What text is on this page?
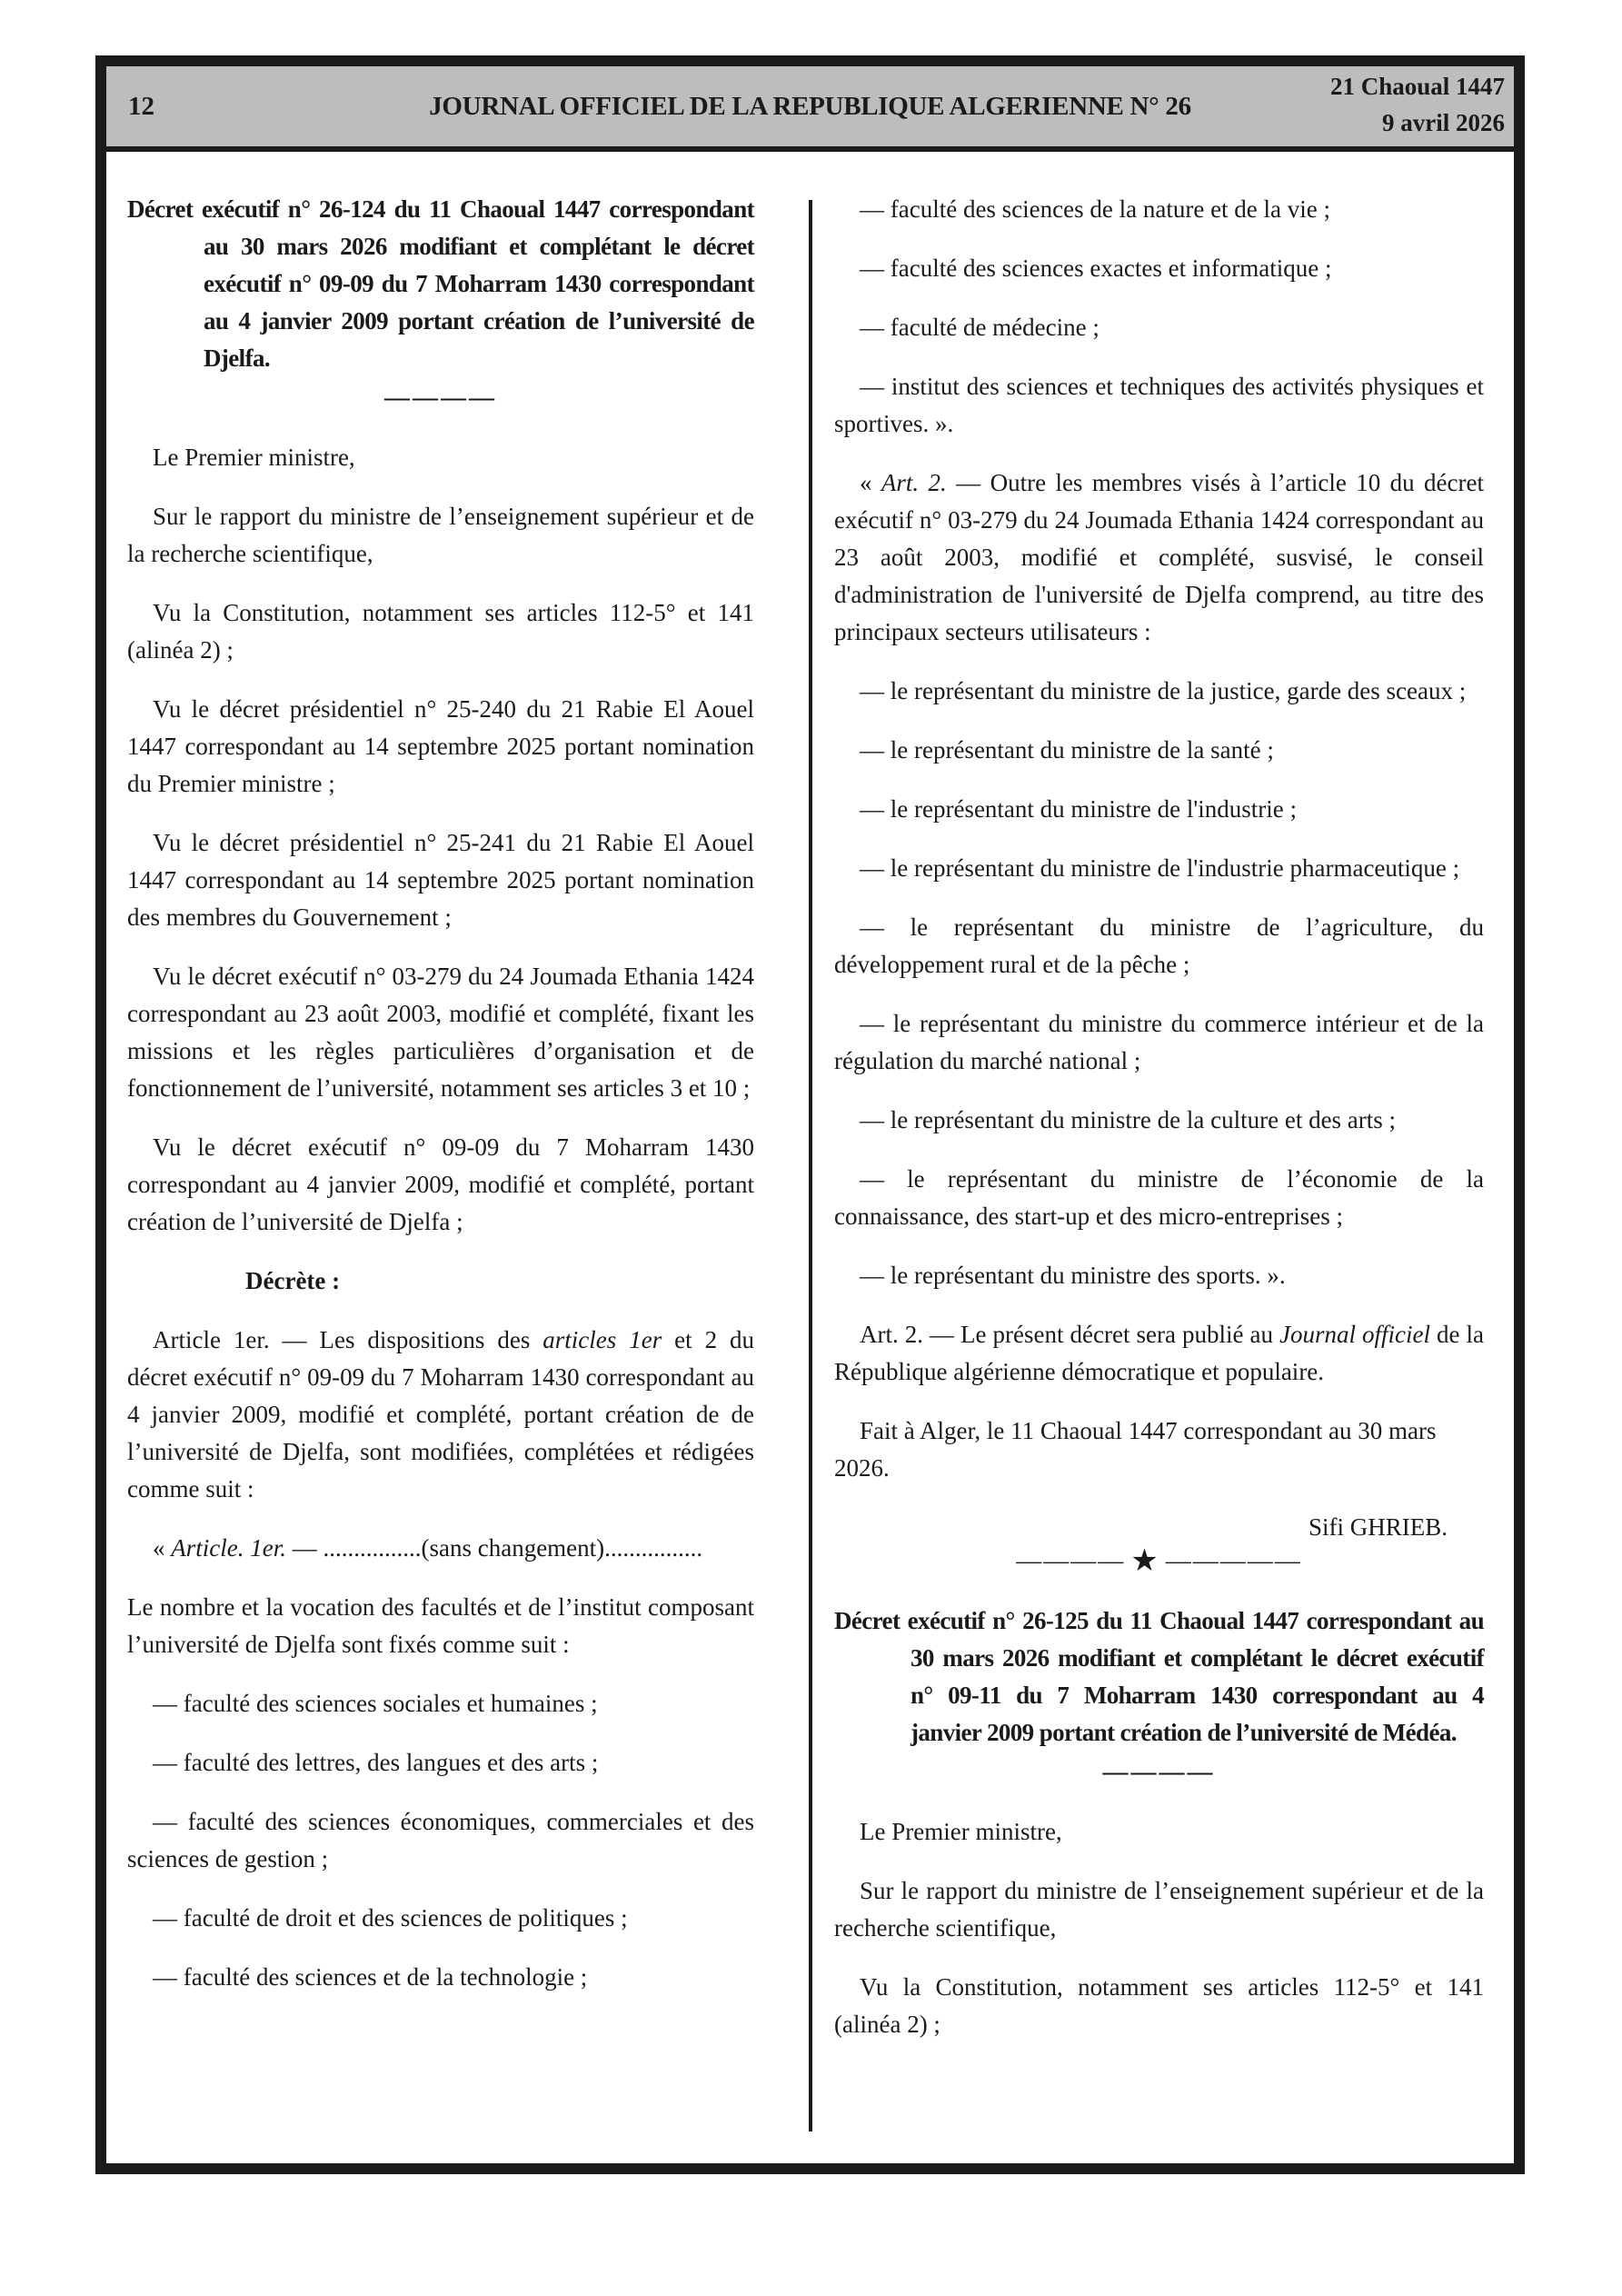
12	JOURNAL OFFICIEL DE LA REPUBLIQUE ALGERIENNE N° 26
21 Chaoual 1447
9 avril 2026

Décret exécutif n° 26-124 du 11 Chaoual 1447 correspondant au 30 mars 2026 modifiant et complétant le décret exécutif n° 09-09 du 7 Moharram 1430 correspondant au 4 janvier 2009 portant création de l’université de Djelfa.

————

Le Premier ministre,

Sur le rapport du ministre de l’enseignement supérieur et de la recherche scientifique,

Vu la Constitution, notamment ses articles 112-5° et 141 (alinéa 2) ;

Vu le décret présidentiel n° 25-240 du 21 Rabie El Aouel 1447 correspondant au 14 septembre 2025 portant nomination du Premier ministre ;

Vu le décret présidentiel n° 25-241 du 21 Rabie El Aouel 1447 correspondant au 14 septembre 2025 portant nomination des membres du Gouvernement ;

Vu le décret exécutif n° 03-279 du 24 Joumada Ethania 1424 correspondant au 23 août 2003, modifié et complété, fixant les missions et les règles particulières d’organisation et de fonctionnement de l’université, notamment ses articles 3 et 10 ;

Vu le décret exécutif n° 09-09 du 7 Moharram 1430 correspondant au 4 janvier 2009, modifié et complété, portant création de l’université de Djelfa ;

Décrète :

Article 1er. — Les dispositions des articles 1er et 2 du décret exécutif n° 09-09 du 7 Moharram 1430 correspondant au 4 janvier 2009, modifié et complété, portant création de de l’université de Djelfa, sont modifiées, complétées et rédigées comme suit :

« Article. 1er. — ................(sans changement)................

Le nombre et la vocation des facultés et de l’institut composant l’université de Djelfa sont fixés comme suit :

— faculté des sciences sociales et humaines ;

— faculté des lettres, des langues et des arts ;

— faculté des sciences économiques, commerciales et des sciences de gestion ;

— faculté de droit et des sciences de politiques ;

— faculté des sciences et de la technologie ;

— faculté des sciences de la nature et de la vie ;

— faculté des sciences exactes et informatique ;

— faculté de médecine ;

— institut des sciences et techniques des activités physiques et sportives. ».

« Art. 2. — Outre les membres visés à l’article 10 du décret exécutif n° 03-279 du 24 Joumada Ethania 1424 correspondant au 23 août 2003, modifié et complété, susvisé, le conseil d'administration de l'université de Djelfa comprend, au titre des principaux secteurs utilisateurs :

— le représentant du ministre de la justice, garde des sceaux ;

— le représentant du ministre de la santé ;

— le représentant du ministre de l'industrie ;

— le représentant du ministre de l'industrie pharmaceutique ;

— le représentant du ministre de l’agriculture, du développement rural et de la pêche ;

— le représentant du ministre du commerce intérieur et de la régulation du marché national ;

— le représentant du ministre de la culture et des arts ;

— le représentant du ministre de l’économie de la connaissance, des start-up et des micro-entreprises ;

— le représentant du ministre des sports. ».

Art. 2. — Le présent décret sera publié au Journal officiel de la République algérienne démocratique et populaire.

Fait à Alger, le 11 Chaoual 1447 correspondant au 30 mars 2026.

Sifi GHRIEB.

———— ★ —————

Décret exécutif n° 26-125 du 11 Chaoual 1447 correspondant au 30 mars 2026 modifiant et complétant le décret exécutif n° 09-11 du 7 Moharram 1430 correspondant au 4 janvier 2009 portant création de l’université de Médéa.

————

Le Premier ministre,

Sur le rapport du ministre de l’enseignement supérieur et de la recherche scientifique,

Vu la Constitution, notamment ses articles 112-5° et 141 (alinéa 2) ;
